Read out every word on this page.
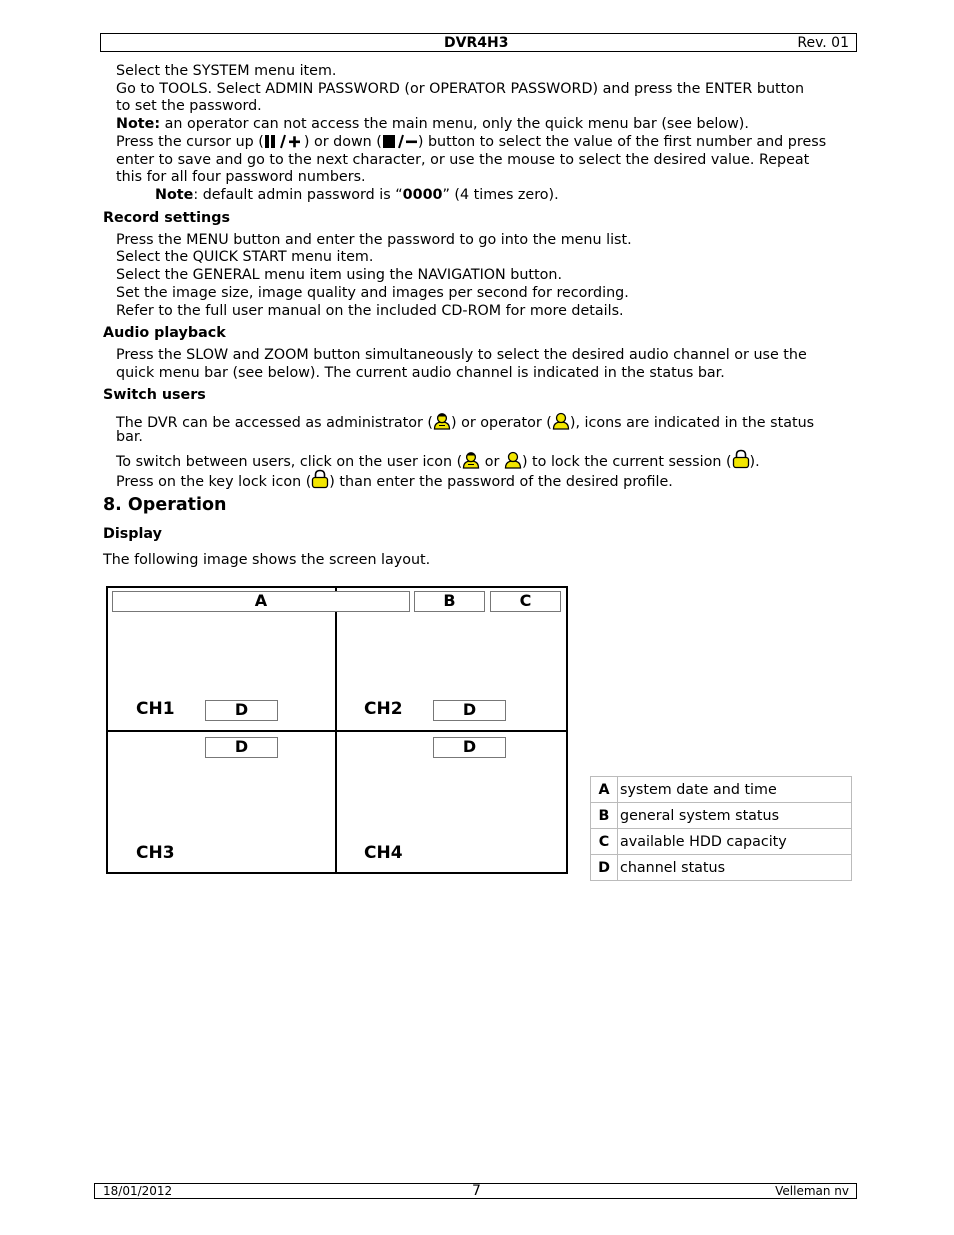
DVR4H3	Rev. 01
Select the SYSTEM menu item.
Go to TOOLS. Select ADMIN PASSWORD (or OPERATOR PASSWORD) and press the ENTER button
to set the password.
Note: an operator can not access the main menu, only the quick menu bar (see below).
Press the cursor up (	) or down (	) button to select the value of the first number and press
enter to save and go to the next character, or use the mouse to select the desired value. Repeat
this for all four password numbers.
Note: default admin password is “0000” (4 times zero).
Record settings
Press the MENU button and enter the password to go into the menu list.
Select the QUICK START menu item.
Select the GENERAL menu item using the NAVIGATION button.
Set the image size, image quality and images per second for recording.
Refer to the full user manual on the included CD-ROM for more details.
Audio playback
Press the SLOW and ZOOM button simultaneously to select the desired audio channel or use the
quick menu bar (see below). The current audio channel is indicated in the status bar.
Switch users
The DVR can be accessed as administrator ( ) or operator ( ), icons are indicated in the status
bar.
To switch between users, click on the user icon ( or ) to lock the current session ( ).
Press on the key lock icon ( ) than enter the password of the desired profile.
8. Operation
Display
The following image shows the screen layout.
A	B	C
CH1	D	CH2	D
D	D
CH3	CH4
A	system date and time
B	general system status
C	available HDD capacity
D	channel status
18/01/2012	7	Velleman nv
